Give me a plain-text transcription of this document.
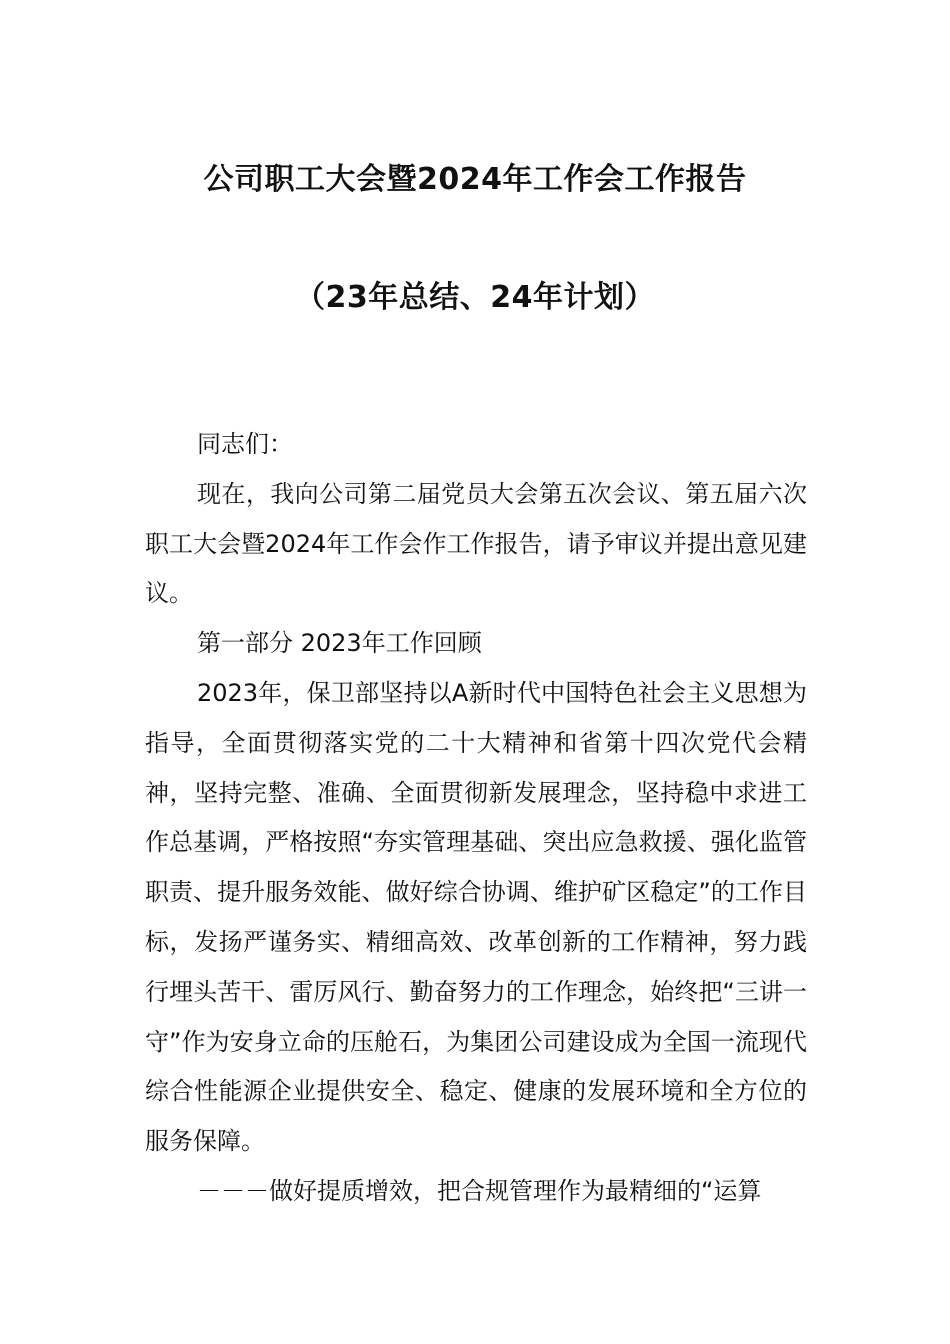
公司职工大会暨2024年工作会工作报告
（23年总结、24年计划）

同志们：

现在，我向公司第二届党员大会第五次会议、第五届六次职工大会暨2024年工作会作工作报告，请予审议并提出意见建议。

第一部分 2023年工作回顾

2023年，保卫部坚持以A新时代中国特色社会主义思想为指导，全面贯彻落实党的二十大精神和省第十四次党代会精神，坚持完整、准确、全面贯彻新发展理念，坚持稳中求进工作总基调，严格按照“夯实管理基础、突出应急救援、强化监管职责、提升服务效能、做好综合协调、维护矿区稳定”的工作目标，发扬严谨务实、精细高效、改革创新的工作精神，努力践行埋头苦干、雷厉风行、勤奋努力的工作理念，始终把“三讲一守”作为安身立命的压舱石，为集团公司建设成为全国一流现代综合性能源企业提供安全、稳定、健康的发展环境和全方位的服务保障。

－－－做好提质增效，把合规管理作为最精细的“运算
